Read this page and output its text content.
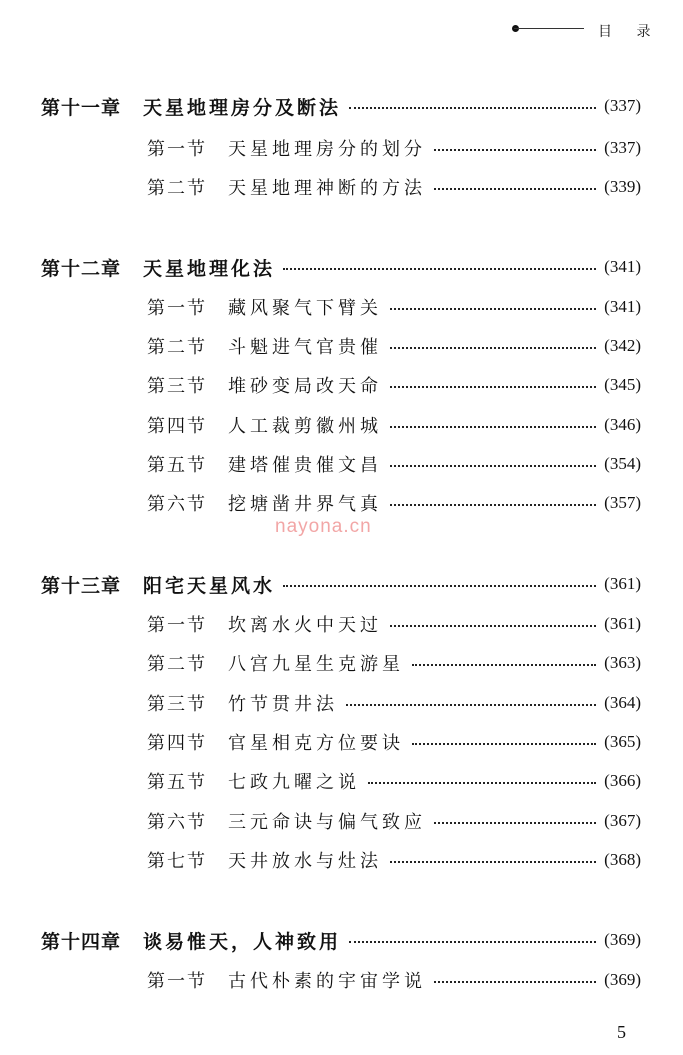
目 录
第十一章	天星地理房分及断法	(337)
第一节	天星地理房分的划分	(337)
第二节	天星地理神断的方法	(339)
第十二章	天星地理化法	(341)
第一节	藏风聚气下臂关	(341)
第二节	斗魁进气官贵催	(342)
第三节	堆砂变局改天命	(345)
第四节	人工裁剪徽州城	(346)
第五节	建塔催贵催文昌	(354)
第六节	挖塘凿井界气真	(357)
第十三章	阳宅天星风水	(361)
第一节	坎离水火中天过	(361)
第二节	八宫九星生克游星	(363)
第三节	竹节贯井法	(364)
第四节	官星相克方位要诀	(365)
第五节	七政九曜之说	(366)
第六节	三元命诀与偏气致应	(367)
第七节	天井放水与灶法	(368)
第十四章	谈易惟天，人神致用	(369)
第一节	古代朴素的宇宙学说	(369)
nayona.cn
5
